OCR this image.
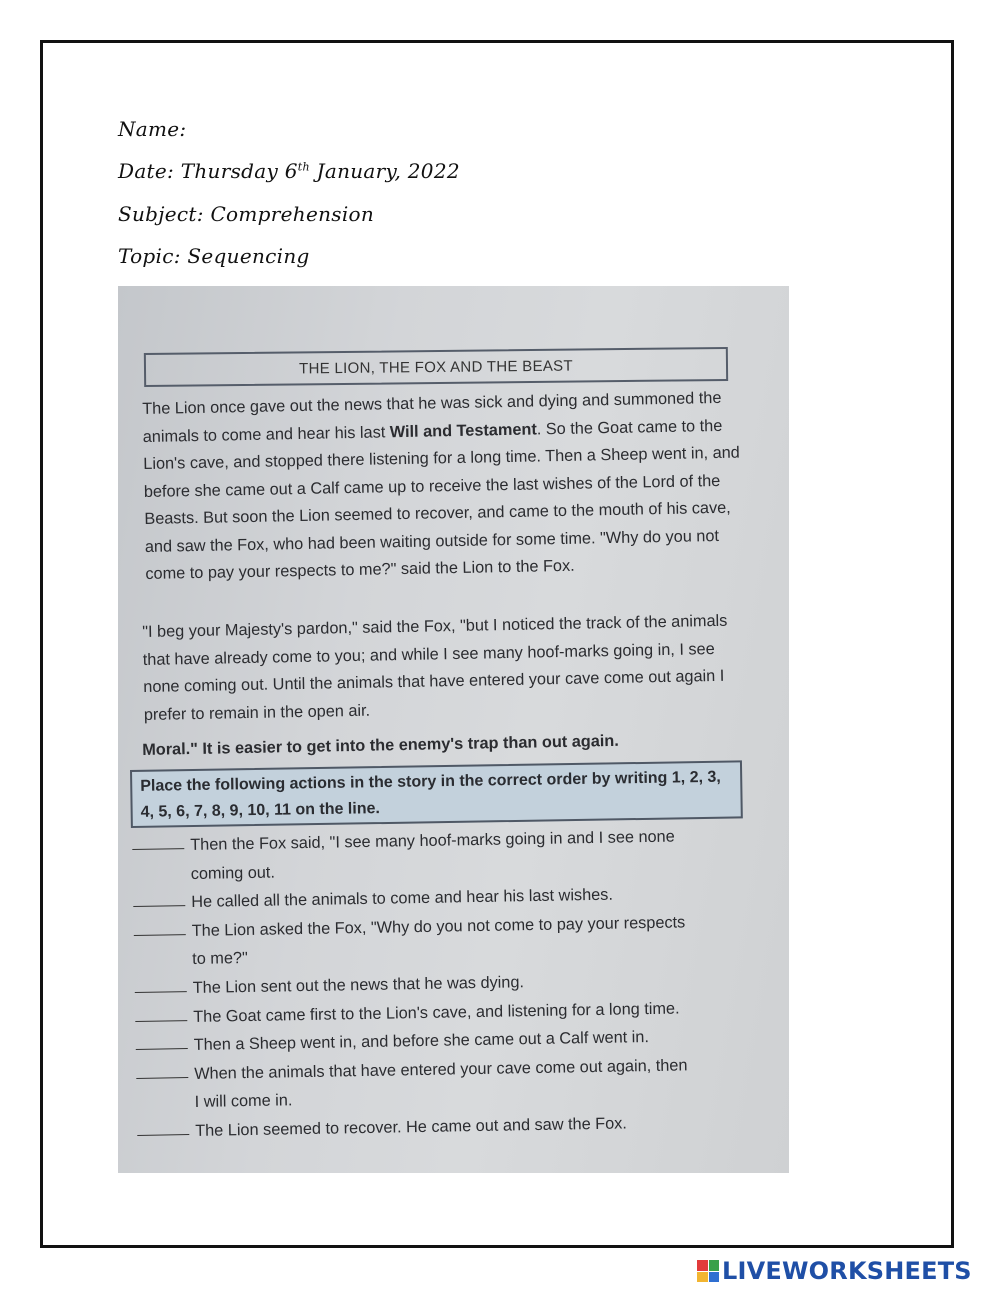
Name:
Date: Thursday 6th January, 2022
Subject: Comprehension
Topic: Sequencing
THE LION, THE FOX AND THE BEAST
The Lion once gave out the news that he was sick and dying and summoned the animals to come and hear his last Will and Testament. So the Goat came to the Lion's cave, and stopped there listening for a long time. Then a Sheep went in, and before she came out a Calf came up to receive the last wishes of the Lord of the Beasts. But soon the Lion seemed to recover, and came to the mouth of his cave, and saw the Fox, who had been waiting outside for some time. "Why do you not come to pay your respects to me?" said the Lion to the Fox.
"I beg your Majesty's pardon," said the Fox, "but I noticed the track of the animals that have already come to you; and while I see many hoof-marks going in, I see none coming out. Until the animals that have entered your cave come out again I prefer to remain in the open air.
Moral." It is easier to get into the enemy's trap than out again.
Place the following actions in the story in the correct order by writing 1, 2, 3, 4, 5, 6, 7, 8, 9, 10, 11 on the line.
Then the Fox said, "I see many hoof-marks going in and I see none
coming out.
He called all the animals to come and hear his last wishes.
The Lion asked the Fox, "Why do you not come to pay your respects
to me?"
The Lion sent out the news that he was dying.
The Goat came first to the Lion's cave, and listening for a long time.
Then a Sheep went in, and before she came out a Calf went in.
When the animals that have entered your cave come out again, then
I will come in.
The Lion seemed to recover. He came out and saw the Fox.
LIVEWORKSHEETS
